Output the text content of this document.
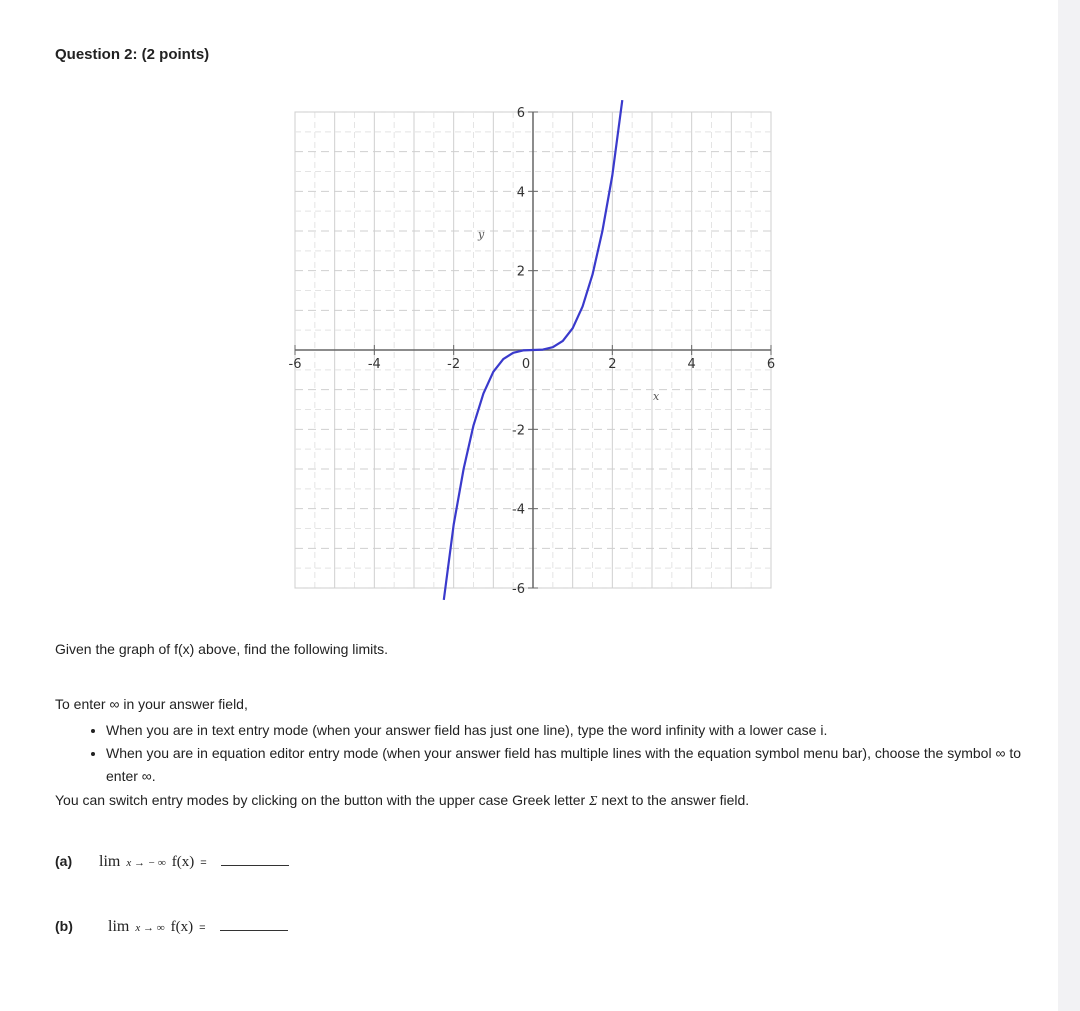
Question 2: (2 points)
-6	-4	-2	0	2	4	6
6
4
2
-2
-4
-6
y
x
Given the graph of f(x) above, find the following limits.
To enter ∞ in your answer field,
• When you are in text entry mode (when your answer field has just one line), type the word infinity with a lower case i.
• When you are in equation editor entry mode (when your answer field has multiple lines with the equation symbol menu bar), choose the symbol ∞ to enter ∞.
You can switch entry modes by clicking on the button with the upper case Greek letter Σ next to the answer field.
(a)	lim x → − ∞ f(x) =
(b)	lim x → ∞ f(x) =
